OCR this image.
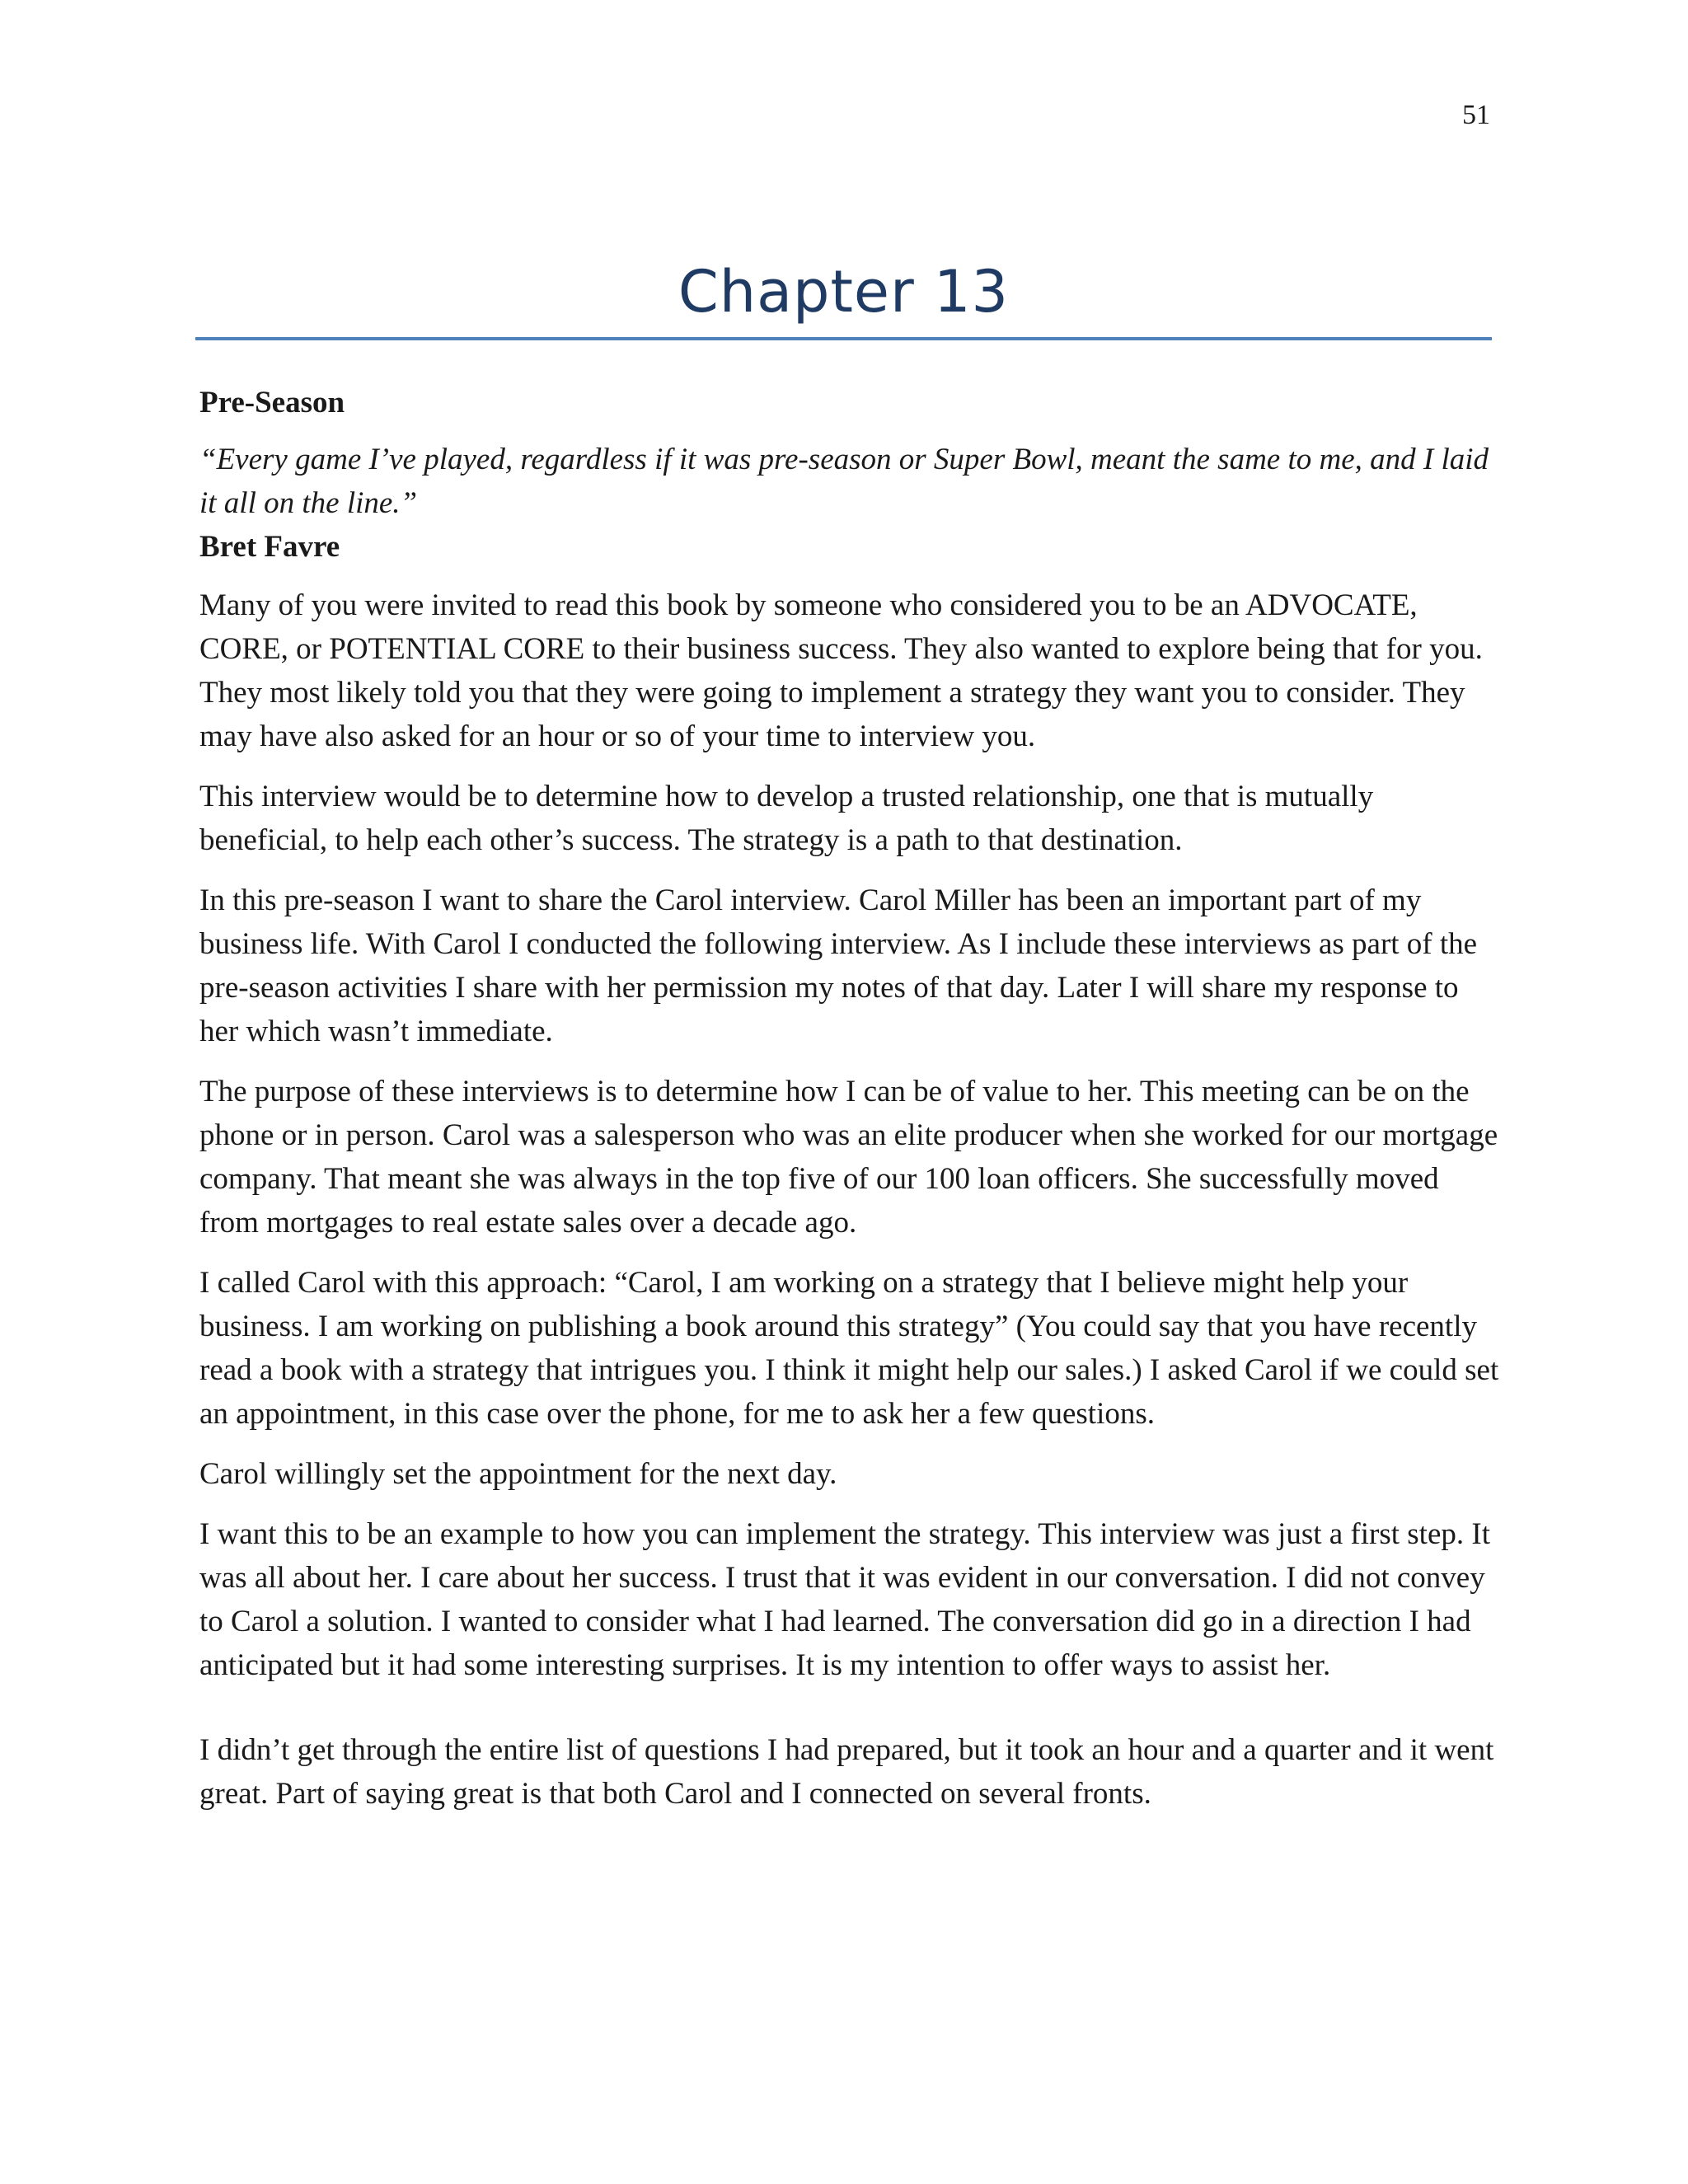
51
Chapter 13

Pre-Season

“Every game I’ve played, regardless if it was pre-season or Super Bowl, meant the same to me, and I laid it all on the line.”

Bret Favre

Many of you were invited to read this book by someone who considered you to be an ADVOCATE, CORE, or POTENTIAL CORE to their business success. They also wanted to explore being that for you. They most likely told you that they were going to implement a strategy they want you to consider. They may have also asked for an hour or so of your time to interview you.

This interview would be to determine how to develop a trusted relationship, one that is mutually beneficial, to help each other’s success. The strategy is a path to that destination.

In this pre-season I want to share the Carol interview. Carol Miller has been an important part of my business life. With Carol I conducted the following interview. As I include these interviews as part of the pre-season activities I share with her permission my notes of that day. Later I will share my response to her which wasn’t immediate.

The purpose of these interviews is to determine how I can be of value to her. This meeting can be on the phone or in person. Carol was a salesperson who was an elite producer when she worked for our mortgage company. That meant she was always in the top five of our 100 loan officers. She successfully moved from mortgages to real estate sales over a decade ago.

I called Carol with this approach: “Carol, I am working on a strategy that I believe might help your business. I am working on publishing a book around this strategy” (You could say that you have recently read a book with a strategy that intrigues you. I think it might help our sales.) I asked Carol if we could set an appointment, in this case over the phone, for me to ask her a few questions.

Carol willingly set the appointment for the next day.

I want this to be an example to how you can implement the strategy. This interview was just a first step. It was all about her. I care about her success. I trust that it was evident in our conversation. I did not convey to Carol a solution. I wanted to consider what I had learned. The conversation did go in a direction I had anticipated but it had some interesting surprises. It is my intention to offer ways to assist her.

I didn’t get through the entire list of questions I had prepared, but it took an hour and a quarter and it went great. Part of saying great is that both Carol and I connected on several fronts.
